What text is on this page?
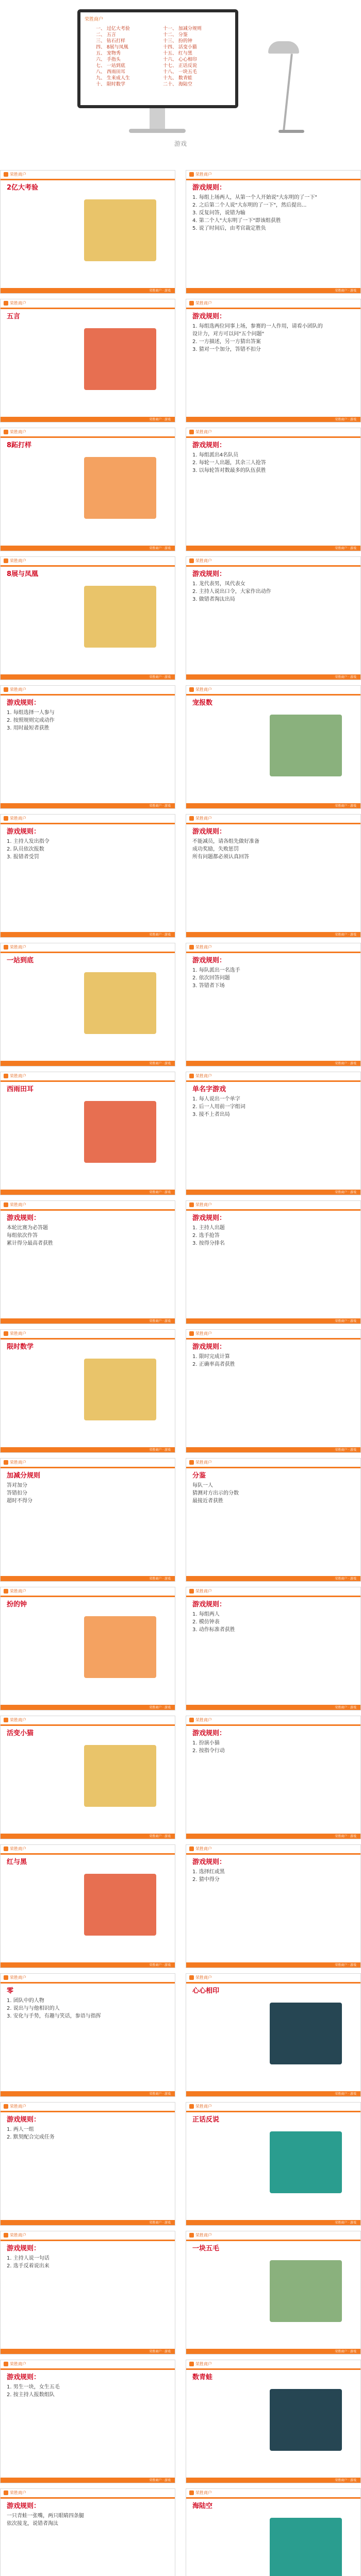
荣胜商户
一、 过亿大考验
二、 五言
三、 钻石打样
四、 8展与凤凰
五、 宠物秀
六、 手指头
七、 一站到底
八、 西雨田耳
九、 生来成人生
十、 限时数学
十一、 加减分规则
十二、 分鉴
十三、 扮的钟
十四、 活变小猫
十五、 红与黑
十六、 心心相印
十七、 正话反说
十八、 一块五毛
十九、 数青蛙
二十、 海陆空
游戏
荣胜商户
2亿大考验
荣胜商户 · 游戏
荣胜商户
游戏规则：
1. 每组上场两人，从第一个人开始说"大东明的了一下"
2. 之后第二个人说"大东明的了一下"，然后提出...
3. 反复问答，说错为输
4. 第二个人"大东明了一下"即该组获胜
5. 说了时间后，由考官裁定胜负
荣胜商户 · 游戏
荣胜商户
五言
荣胜商户 · 游戏
荣胜商户
游戏规则：
1. 每组选两位同事上场，参赛的一人作用，请看小团队的
设计力，对方可以问"五个问题"
2. 一方描述，另一方猜出答案
3. 猜对一个加分，答错不扣分
荣胜商户 · 游戏
荣胜商户
8跖打样
荣胜商户 · 游戏
荣胜商户
游戏规则：
1. 每组派出4名队员
2. 每轮一人出题，其余三人抢答
3. 以每轮答对数最多的队伍获胜
荣胜商户 · 游戏
荣胜商户
8展与凤凰
荣胜商户 · 游戏
荣胜商户
游戏规则：
1. 龙代表男，凤代表女
2. 主持人说出口令，大家作出动作
3. 做错者淘汰出局
荣胜商户 · 游戏
荣胜商户
游戏规则：
1. 每组选择一人参与
2. 按照规则完成动作
3. 用时最短者获胜
荣胜商户 · 游戏
荣胜商户
宠报数
荣胜商户 · 游戏
荣胜商户
游戏规则：
1. 主持人发出指令
2. 队员依次报数
3. 报错者受罚
荣胜商户 · 游戏
荣胜商户
游戏规则：
不能减员，请各组先做好准备
成功奖励，失败惩罚
所有问题都必须认真回答
荣胜商户 · 游戏
荣胜商户
一站到底
荣胜商户 · 游戏
荣胜商户
游戏规则：
1. 每队派出一名选手
2. 依次回答问题
3. 答错者下场
荣胜商户 · 游戏
荣胜商户
西雨田耳
荣胜商户 · 游戏
荣胜商户
单名字游戏
1. 每人说出一个单字
2. 后一人用前一字组词
3. 接不上者出局
荣胜商户 · 游戏
荣胜商户
游戏规则：
本轮比赛为必答题
每组依次作答
累计得分最高者获胜
荣胜商户 · 游戏
荣胜商户
游戏规则：
1. 主持人出题
2. 选手抢答
3. 按得分排名
荣胜商户 · 游戏
荣胜商户
限时数学
荣胜商户 · 游戏
荣胜商户
游戏规则：
1. 限时完成计算
2. 正确率高者获胜
荣胜商户 · 游戏
荣胜商户
加减分规则
答对加分
答错扣分
超时不得分
荣胜商户 · 游戏
荣胜商户
分鉴
每队一人
猜测对方出示的分数
最接近者获胜
荣胜商户 · 游戏
荣胜商户
扮的钟
荣胜商户 · 游戏
荣胜商户
游戏规则：
1. 每组两人
2. 模仿钟表
3. 动作标准者获胜
荣胜商户 · 游戏
荣胜商户
活变小猫
荣胜商户 · 游戏
荣胜商户
游戏规则：
1. 扮演小猫
2. 按指令行动
荣胜商户 · 游戏
荣胜商户
红与黑
荣胜商户 · 游戏
荣胜商户
游戏规则：
1. 选择红或黑
2. 猜中得分
荣胜商户 · 游戏
荣胜商户
零
1. 团队中的人物
2. 说出与与他相识的人
3. 安化与手势，有趣与笑话，参语与指挥
荣胜商户 · 游戏
荣胜商户
心心相印
荣胜商户 · 游戏
荣胜商户
游戏规则：
1. 两人一组
2. 默契配合完成任务
荣胜商户 · 游戏
荣胜商户
正话反说
荣胜商户 · 游戏
荣胜商户
游戏规则：
1. 主持人说一句话
2. 选手反着说出来
荣胜商户 · 游戏
荣胜商户
一块五毛
荣胜商户 · 游戏
荣胜商户
游戏规则：
1. 男生一块，女生五毛
2. 按主持人报数组队
荣胜商户 · 游戏
荣胜商户
数青蛙
荣胜商户 · 游戏
荣胜商户
游戏规则：
一只青蛙一张嘴，两只眼睛四条腿
依次接龙，说错者淘汰
荣胜商户
海陆空
